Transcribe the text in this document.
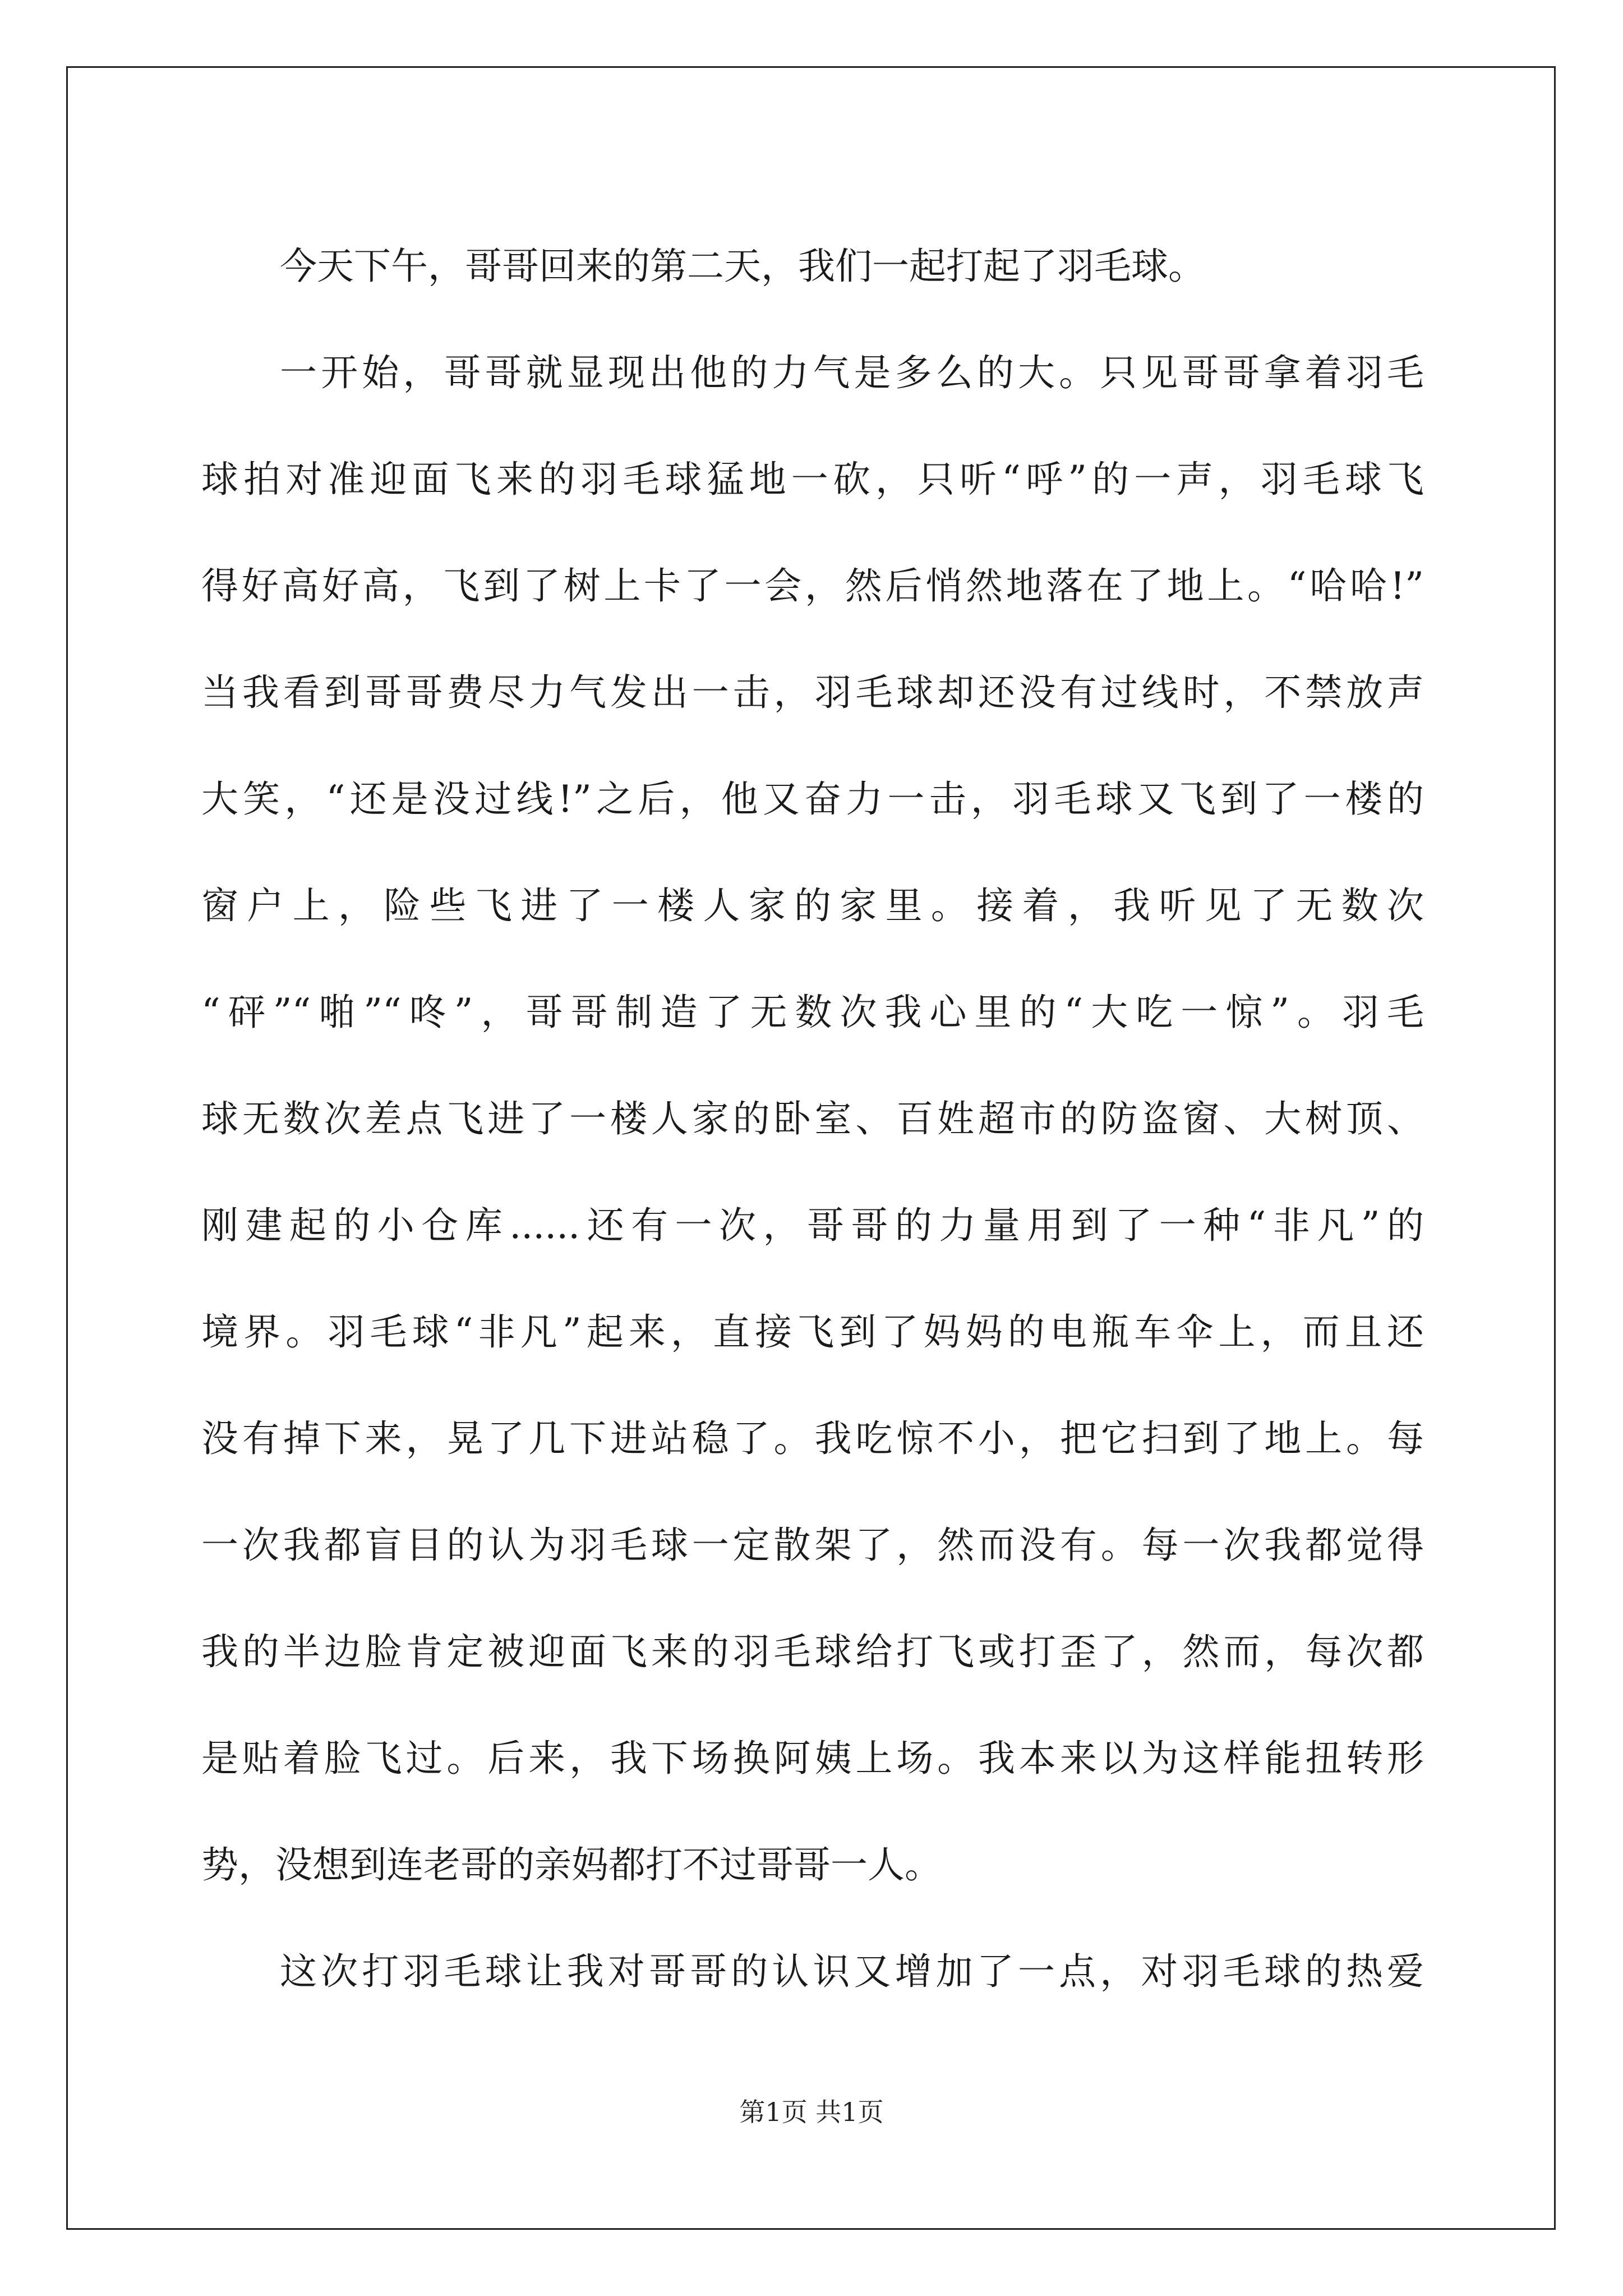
今天下午，哥哥回来的第二天，我们一起打起了羽毛球。
一开始，哥哥就显现出他的力气是多么的大。只见哥哥拿着羽毛
球拍对准迎面飞来的羽毛球猛地一砍，只听“呼”的一声，羽毛球飞
得好高好高，飞到了树上卡了一会，然后悄然地落在了地上。“哈哈!”
当我看到哥哥费尽力气发出一击，羽毛球却还没有过线时，不禁放声
大笑，“还是没过线!”之后，他又奋力一击，羽毛球又飞到了一楼的
窗户上，险些飞进了一楼人家的家里。接着，我听见了无数次
“砰”“啪”“咚”，哥哥制造了无数次我心里的“大吃一惊”。羽毛
球无数次差点飞进了一楼人家的卧室、百姓超市的防盗窗、大树顶、
刚建起的小仓库......还有一次，哥哥的力量用到了一种“非凡”的
境界。羽毛球“非凡”起来，直接飞到了妈妈的电瓶车伞上，而且还
没有掉下来，晃了几下进站稳了。我吃惊不小，把它扫到了地上。每
一次我都盲目的认为羽毛球一定散架了，然而没有。每一次我都觉得
我的半边脸肯定被迎面飞来的羽毛球给打飞或打歪了，然而，每次都
是贴着脸飞过。后来，我下场换阿姨上场。我本来以为这样能扭转形
势，没想到连老哥的亲妈都打不过哥哥一人。
这次打羽毛球让我对哥哥的认识又增加了一点，对羽毛球的热爱
第1页 共1页
